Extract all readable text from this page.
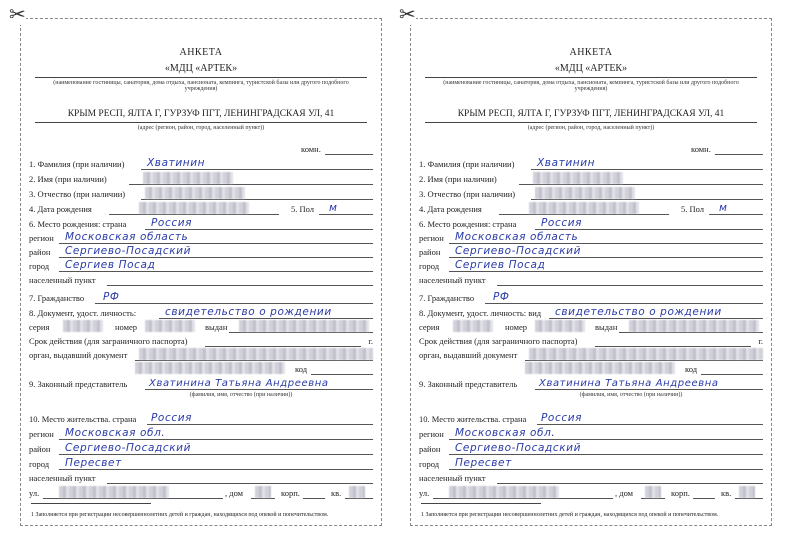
✂
АНКЕТА
«МДЦ «АРТЕК»
(наименование гостиницы, санатория, дома отдыха, пансионата, кемпинга, туристской базы или другого подобного учреждения)
КРЫМ РЕСП, ЯЛТА Г, ГУРЗУФ ПГТ, ЛЕНИНГРАДСКАЯ УЛ, 41
(адрес (регион, район, город, населенный пункт))
комн.
1. Фамилия (при наличии) Хватинин
2. Имя (при наличии)
3. Отчество (при наличии)
4. Дата рождения	5. Пол м
6. Место рождения: страна Россия
регион Московская область
район Сергиево-Посадский
город Сергиев Посад
населенный пункт
7. Гражданство РФ
8. Документ, удост. личность:	свидетельство о рождении
серия	номер	выдан
Срок действия (для заграничного паспорта)	г.
орган, выдавший документ
код
9. Законный представитель Хватинина Татьяна Андреевна
(фамилия, имя, отчество (при наличии))
10. Место жительства. страна Россия
регион Московская обл.
район Сергиево-Посадский
город Пересвет
населенный пункт
ул.	, дом	корп.	кв.
1 Заполняется при регистрации несовершеннолетних детей и граждан, находящихся под опекой и попечительством.
✂
АНКЕТА
«МДЦ «АРТЕК»
(наименование гостиницы, санатория, дома отдыха, пансионата, кемпинга, туристской базы или другого подобного учреждения)
КРЫМ РЕСП, ЯЛТА Г, ГУРЗУФ ПГТ, ЛЕНИНГРАДСКАЯ УЛ, 41
(адрес (регион, район, город, населенный пункт))
комн.
1. Фамилия (при наличии) Хватинин
2. Имя (при наличии)
3. Отчество (при наличии)
4. Дата рождения	5. Пол м
6. Место рождения: страна Россия
регион Московская область
район Сергиево-Посадский
город Сергиев Посад
населенный пункт
7. Гражданство РФ
8. Документ, удост. личность: вид свидетельство о рождении
серия	номер	выдан
Срок действия (для заграничного паспорта)	г.
орган, выдавший документ
код
9. Законный представитель Хватинина Татьяна Андреевна
(фамилия, имя, отчество (при наличии))
10. Место жительства. страна Россия
регион Московская обл.
район Сергиево-Посадский
город Пересвет
населенный пункт
ул.	, дом	корп.	кв.
1 Заполняется при регистрации несовершеннолетних детей и граждан, находящихся под опекой и попечительством.
